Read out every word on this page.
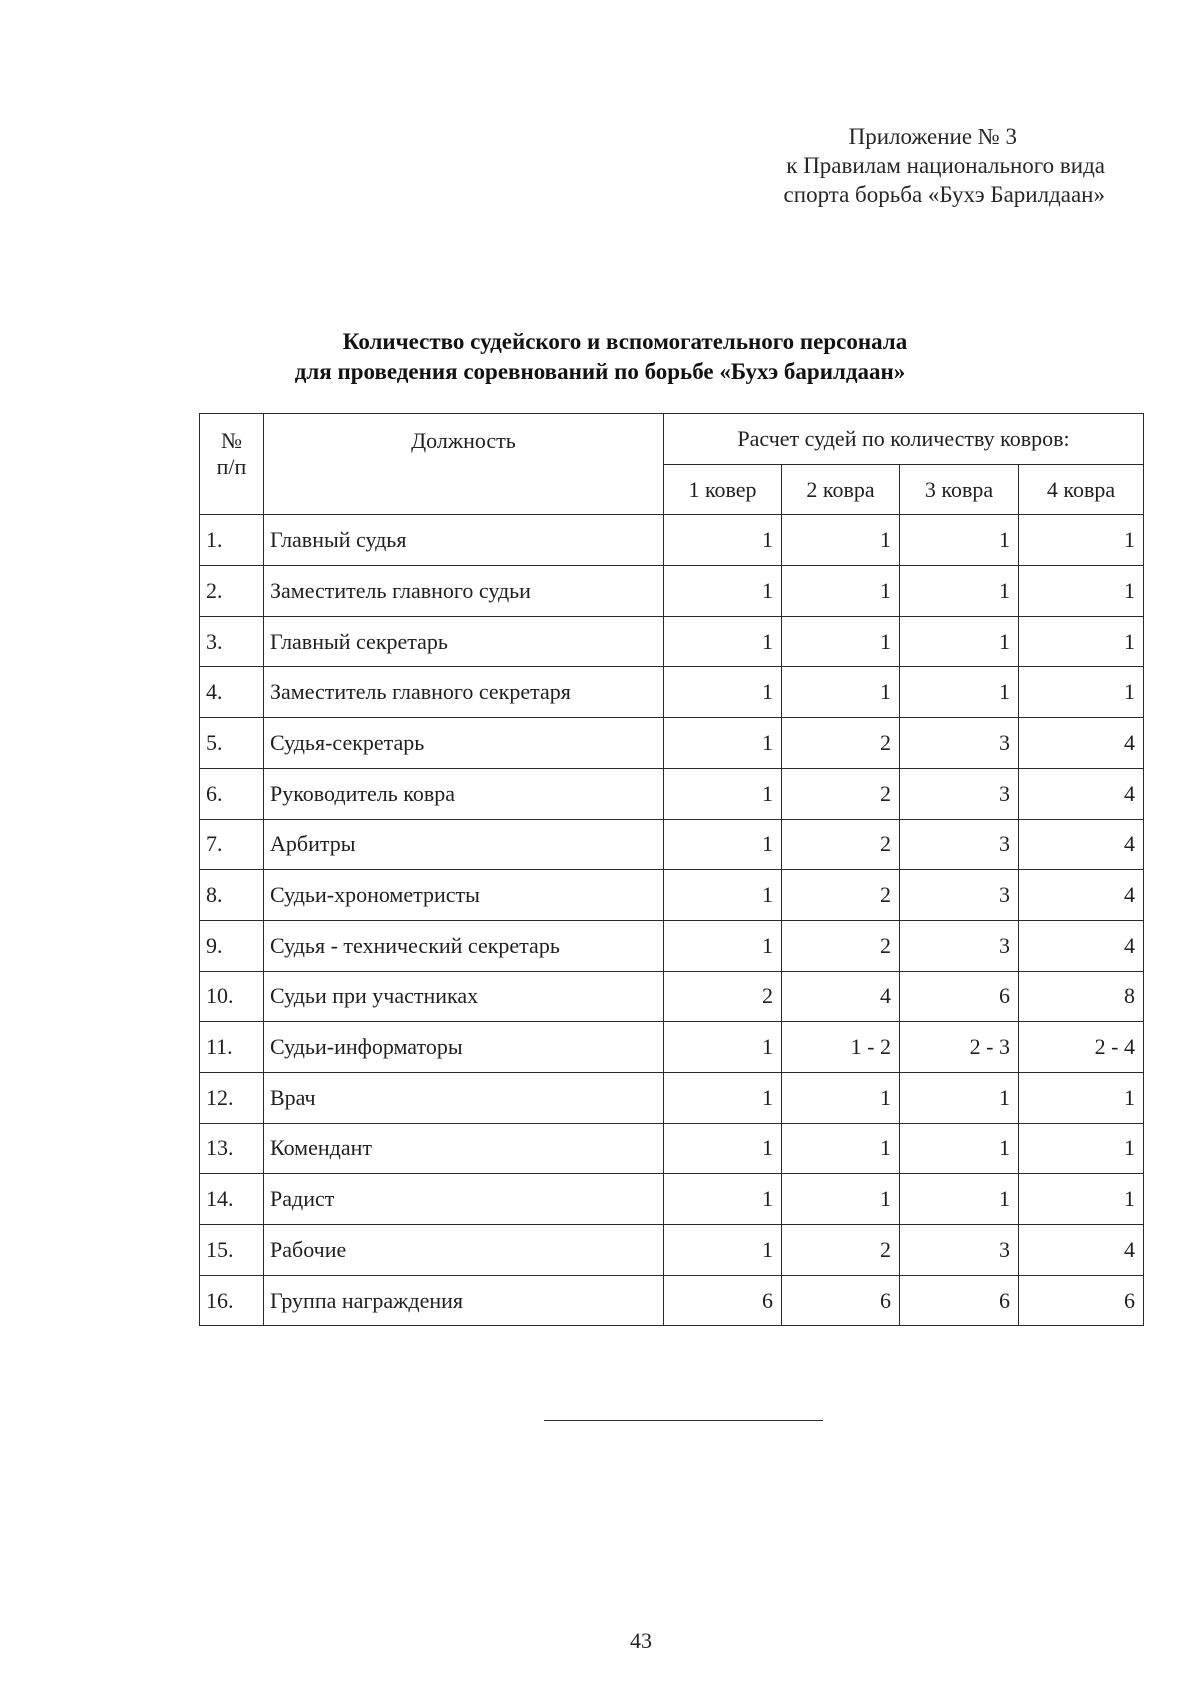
Приложение № 3
к Правилам национального вида
спорта борьба «Бухэ Барилдаан»
Количество судейского и вспомогательного персонала
для проведения соревнований по борьбе «Бухэ барилдаан»
№
п/п	Должность	Расчет судей по количеству ковров:			
		1 ковер	2 ковра	3 ковра	4 ковра
1.	Главный судья	1	1	1	1
2.	Заместитель главного судьи	1	1	1	1
3.	Главный секретарь	1	1	1	1
4.	Заместитель главного секретаря	1	1	1	1
5.	Судья-секретарь	1	2	3	4
6.	Руководитель ковра	1	2	3	4
7.	Арбитры	1	2	3	4
8.	Судьи-хронометристы	1	2	3	4
9.	Судья - технический секретарь	1	2	3	4
10.	Судьи при участниках	2	4	6	8
11.	Судьи-информаторы	1	1 - 2	2 - 3	2 - 4
12.	Врач	1	1	1	1
13.	Комендант	1	1	1	1
14.	Радист	1	1	1	1
15.	Рабочие	1	2	3	4
16.	Группа награждения	6	6	6	6
43
